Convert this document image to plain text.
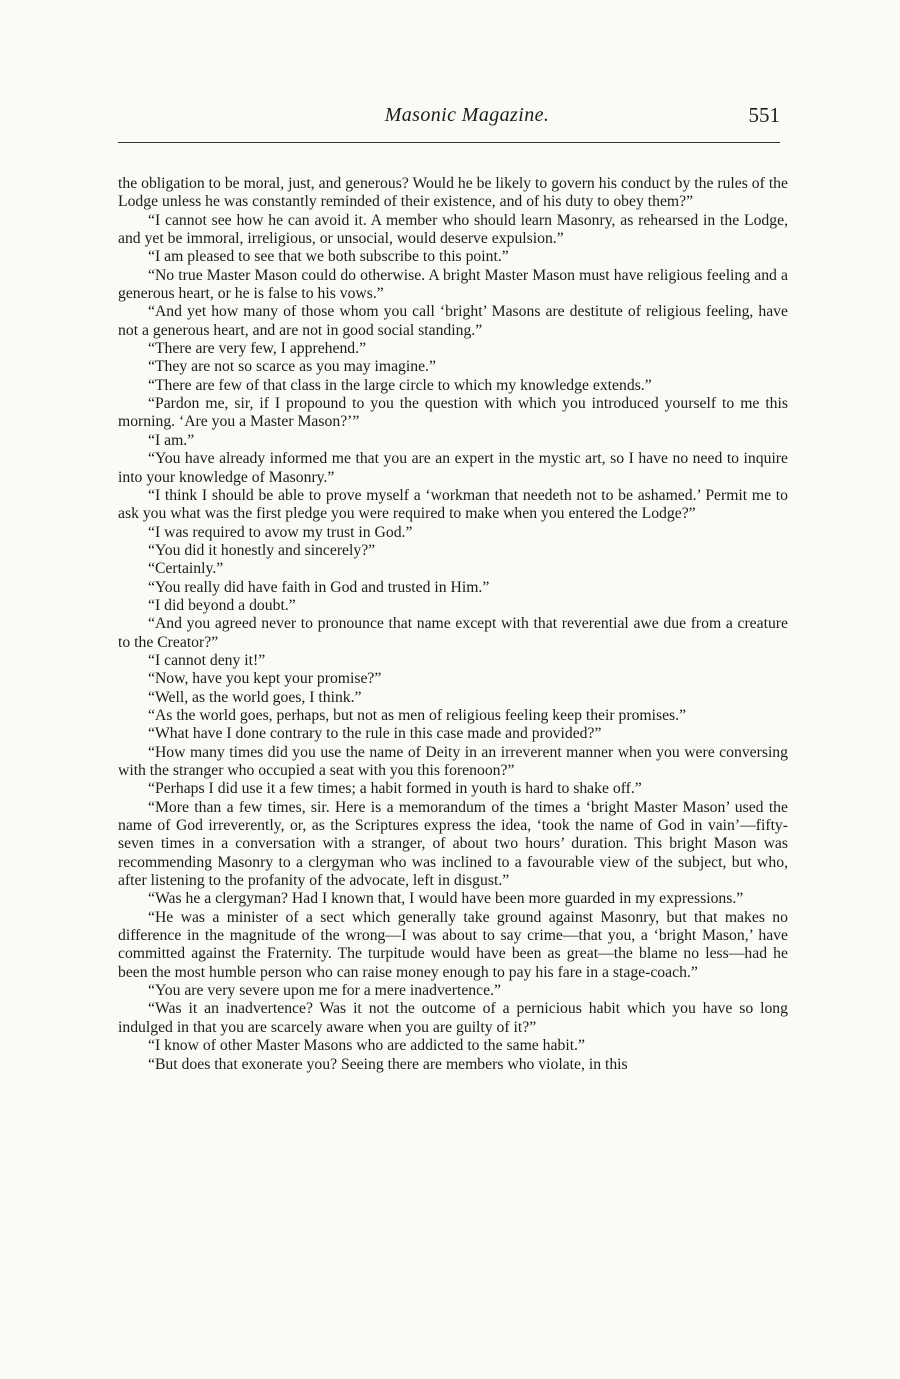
Masonic Magazine.	551

the obligation to be moral, just, and generous? Would he be likely to govern his conduct by the rules of the Lodge unless he was constantly reminded of their existence, and of his duty to obey them?”

“I cannot see how he can avoid it. A member who should learn Masonry, as rehearsed in the Lodge, and yet be immoral, irreligious, or unsocial, would deserve expulsion.”

“I am pleased to see that we both subscribe to this point.”

“No true Master Mason could do otherwise. A bright Master Mason must have religious feeling and a generous heart, or he is false to his vows.”

“And yet how many of those whom you call ‘bright’ Masons are destitute of religious feeling, have not a generous heart, and are not in good social standing.”

“There are very few, I apprehend.”

“They are not so scarce as you may imagine.”

“There are few of that class in the large circle to which my knowledge extends.”

“Pardon me, sir, if I propound to you the question with which you introduced yourself to me this morning. ‘Are you a Master Mason?’”

“I am.”

“You have already informed me that you are an expert in the mystic art, so I have no need to inquire into your knowledge of Masonry.”

“I think I should be able to prove myself a ‘workman that needeth not to be ashamed.’ Permit me to ask you what was the first pledge you were required to make when you entered the Lodge?”

“I was required to avow my trust in God.”

“You did it honestly and sincerely?”

“Certainly.”

“You really did have faith in God and trusted in Him.”

“I did beyond a doubt.”

“And you agreed never to pronounce that name except with that reverential awe due from a creature to the Creator?”

“I cannot deny it!”

“Now, have you kept your promise?”

“Well, as the world goes, I think.”

“As the world goes, perhaps, but not as men of religious feeling keep their promises.”

“What have I done contrary to the rule in this case made and provided?”

“How many times did you use the name of Deity in an irreverent manner when you were conversing with the stranger who occupied a seat with you this forenoon?”

“Perhaps I did use it a few times; a habit formed in youth is hard to shake off.”

“More than a few times, sir. Here is a memorandum of the times a ‘bright Master Mason’ used the name of God irreverently, or, as the Scriptures express the idea, ‘took the name of God in vain’—fifty-seven times in a conversation with a stranger, of about two hours’ duration. This bright Mason was recommending Masonry to a clergyman who was inclined to a favourable view of the subject, but who, after listening to the profanity of the advocate, left in disgust.”

“Was he a clergyman? Had I known that, I would have been more guarded in my expressions.”

“He was a minister of a sect which generally take ground against Masonry, but that makes no difference in the magnitude of the wrong—I was about to say crime—that you, a ‘bright Mason,’ have committed against the Fraternity. The turpitude would have been as great—the blame no less—had he been the most humble person who can raise money enough to pay his fare in a stage-coach.”

“You are very severe upon me for a mere inadvertence.”

“Was it an inadvertence? Was it not the outcome of a pernicious habit which you have so long indulged in that you are scarcely aware when you are guilty of it?”

“I know of other Master Masons who are addicted to the same habit.”

“But does that exonerate you? Seeing there are members who violate, in this
